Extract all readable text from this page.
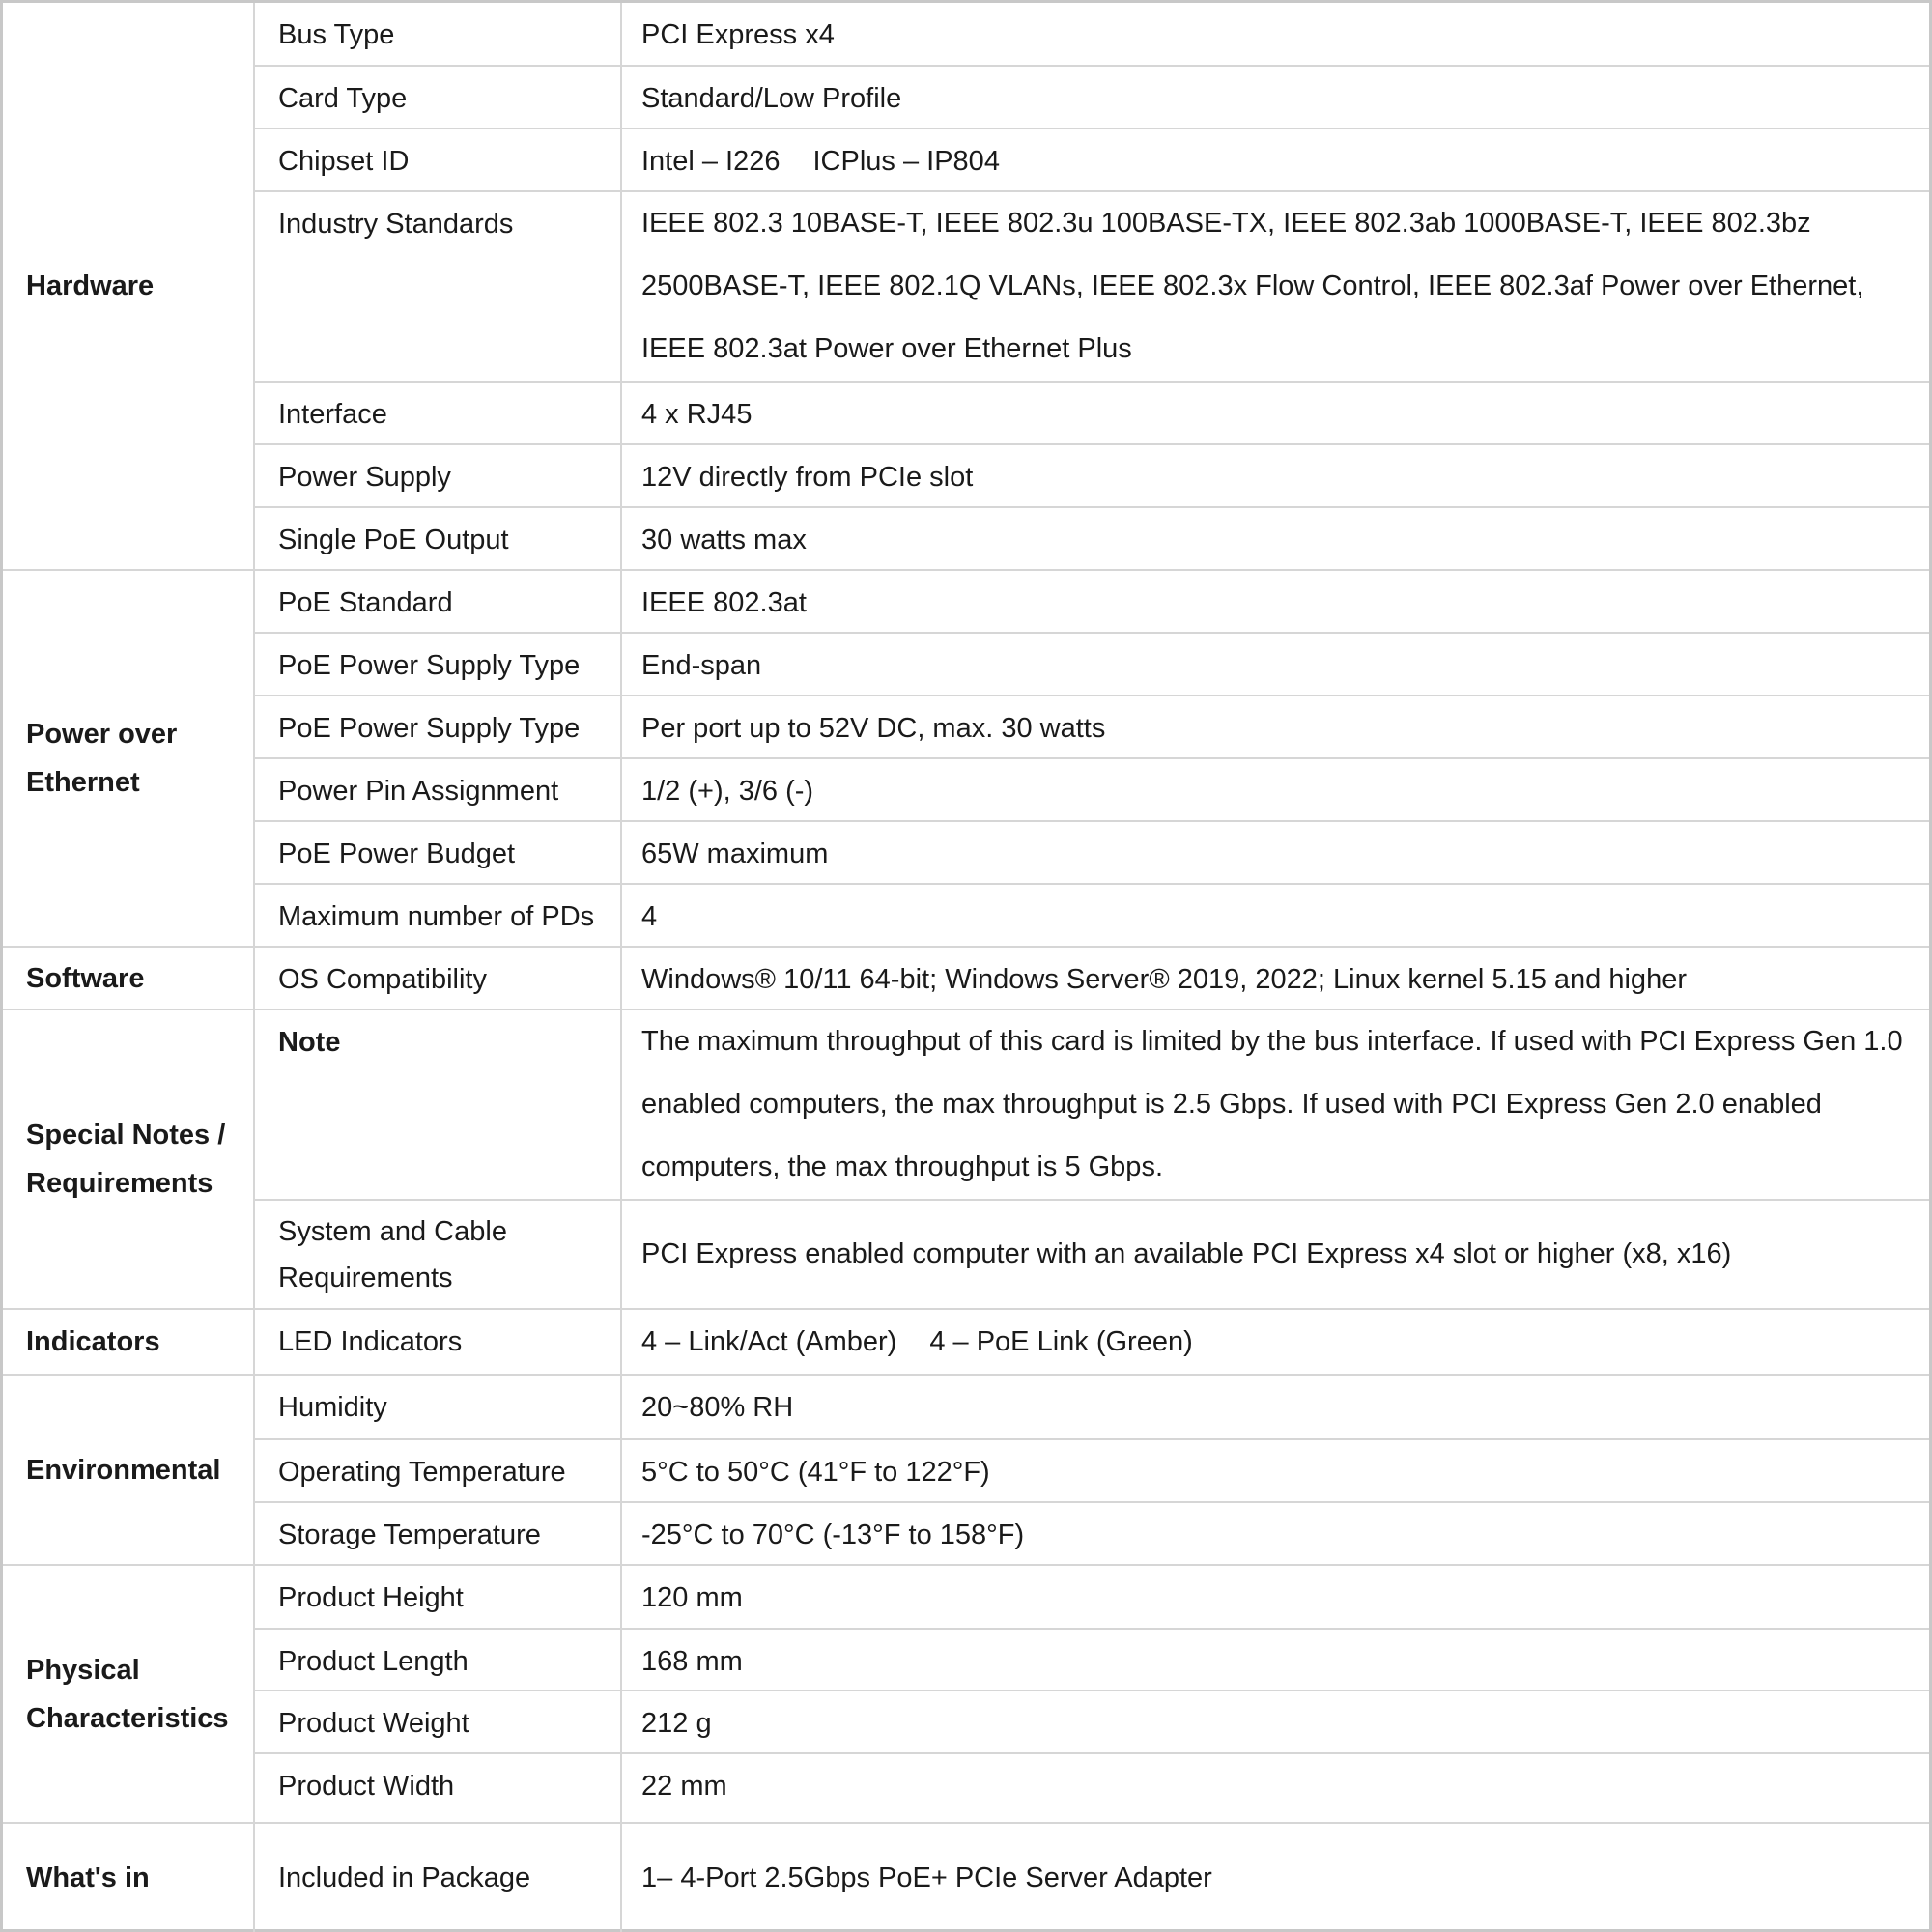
Hardware	Bus Type	PCI Express x4
	Card Type	Standard/Low Profile
	Chipset ID	Intel – I226 ICPlus – IP804
	Industry Standards	IEEE 802.3 10BASE-T, IEEE 802.3u 100BASE-TX, IEEE 802.3ab 1000BASE-T, IEEE 802.3bz 2500BASE-T, IEEE 802.1Q VLANs, IEEE 802.3x Flow Control, IEEE 802.3af Power over Ethernet, IEEE 802.3at Power over Ethernet Plus
	Interface	4 x RJ45
	Power Supply	12V directly from PCIe slot
	Single PoE Output	30 watts max
Power over Ethernet	PoE Standard	IEEE 802.3at
	PoE Power Supply Type	End-span
	PoE Power Supply Type	Per port up to 52V DC, max. 30 watts
	Power Pin Assignment	1/2 (+), 3/6 (-)
	PoE Power Budget	65W maximum
	Maximum number of PDs	4
Software	OS Compatibility	Windows® 10/11 64-bit; Windows Server® 2019, 2022; Linux kernel 5.15 and higher
Special Notes / Requirements	Note	The maximum throughput of this card is limited by the bus interface. If used with PCI Express Gen 1.0 enabled computers, the max throughput is 2.5 Gbps. If used with PCI Express Gen 2.0 enabled computers, the max throughput is 5 Gbps.
	System and Cable Requirements	PCI Express enabled computer with an available PCI Express x4 slot or higher (x8, x16)
Indicators	LED Indicators	4 – Link/Act (Amber) 4 – PoE Link (Green)
Environmental	Humidity	20~80% RH
	Operating Temperature	5°C to 50°C (41°F to 122°F)
	Storage Temperature	-25°C to 70°C (-13°F to 158°F)
Physical Characteristics	Product Height	120 mm
	Product Length	168 mm
	Product Weight	212 g
	Product Width	22 mm
What's in	Included in Package	1– 4-Port 2.5Gbps PoE+ PCIe Server Adapter
